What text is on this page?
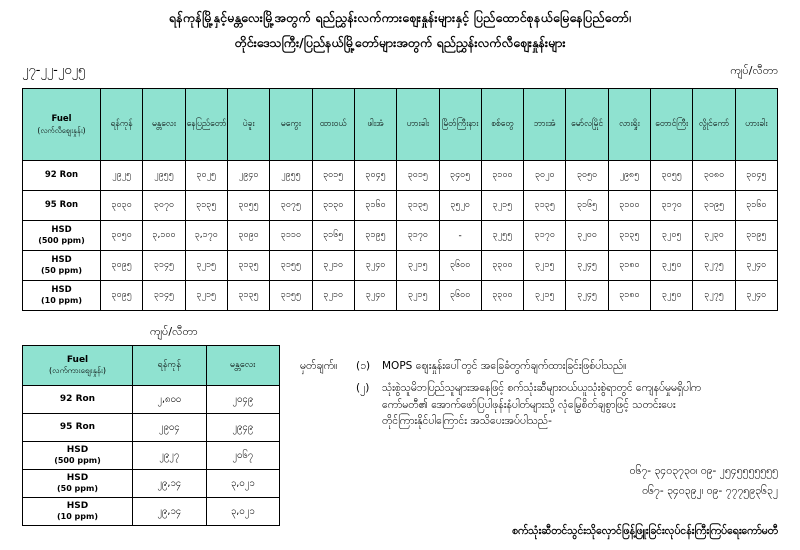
ရန်ကုန်မြို့နှင့်မန္တလေးမြို့အတွက် ရည်ညွှန်းလက်ကားဈေးနှုန်းများနှင့် ပြည်ထောင်စုနယ်မြေနေပြည်တော်၊
တိုင်းဒေသကြီး/ပြည်နယ်မြို့တော်များအတွက် ရည်ညွှန်းလက်လီဈေးနှုန်းများ
၂၇-၂၂-၂၀၂၅	ကျပ်/လီတာ
Fuel
(လက်လီဈေးနှုန်း)	ရန်ကုန်	မန္တလေး	နေပြည်တော်	ပဲခူး	မကွေး	ထားဝယ်	ဖါးအံ	ဟားခါး	မြိတ်ကြီးနား	စစ်တွေ	ဘားအံ	မော်လမြိုင်	လားရှိုး	တောင်ကြီး	လွိုင်ကော်	ဟားခါး
92 Ron	၂၉၂၅	၂၉၅၅	၃၀၂၅	၂၉၄၀	၂၉၅၅	၃၀၁၅	၃၀၄၅	၃၀၁၅	၃၄၀၅	၃၁၀၀	၃၀၂၀	၃၀၅၀	၂၉၈၅	၃၀၅၅	၃၀၈၀	၃၀၄၅
95 Ron	၃၀၃၀	၃၀၇၀	၃၁၃၅	၃၀၅၅	၃၀၇၅	၃၁၃၀	၃၁၆၀	၃၁၃၅	၃၅၂၀	၃၂၁၅	၃၁၃၅	၃၁၆၅	၃၁၀၀	၃၁၇၀	၃၁၉၅	၃၁၆၀
HSD
(500 ppm)	၃၀၅၀	၃,၁၀၀	၃,၁၇၀	၃၀၉၀	၃၁၁၀	၃၁၆၅	၃၁၉၅	၃၁၇၀	-	၃၂၅၅	၃၁၇၀	၃၂၀၀	၃၁၃၅	၃၂၀၅	၃၂၃၀	၃၁၉၅
HSD
(50 ppm)	၃၀၉၅	၃၁၄၅	၃၂၁၅	၃၁၃၅	၃၁၅၅	၃၂၁၀	၃၂၄၀	၃၂၁၅	၃၆၀၀	၃၃၀၀	၃၂၁၅	၃၂၄၅	၃၁၈၀	၃၂၅၀	၃၂၇၅	၃၂၄၀
HSD
(10 ppm)	၃၀၉၅	၃၁၄၅	၃၂၁၅	၃၁၃၅	၃၁၅၅	၃၂၁၀	၃၂၄၀	၃၂၁၅	၃၆၀၀	၃၃၀၀	၃၂၁၅	၃၂၄၅	၃၁၈၀	၃၂၅၀	၃၂၇၅	၃၂၄၀
ကျပ်/လီတာ
Fuel
(လက်ကားဈေးနှုန်း)	ရန်ကုန်	မန္တလေး
92 Ron	၂,၈၀၀	၂၀၄၉
95 Ron	၂၉၀၄	၂၉၄၉
HSD
(500 ppm)	၂၉၂၇	၂၀၆၇
HSD
(50 ppm)	၂၉,၁၄	၃,၀၂၁
HSD
(10 ppm)	၂၉,၁၄	၃,၀၂၁
မှတ်ချက်။	(၁)	MOPS ဈေးနှုန်းပေါ်တွင် အခြေခံတွက်ချက်ထားခြင်းဖြစ်ပါသည်။
(၂)	သုံးစွဲသူမိဘပြည်သူများအနေဖြင့် စက်သုံးဆီများဝယ်ယူသုံးစွဲရာတွင် ကျေနပ်မှုမရှိပါက
ကော်မတီ၏ အောက်ဖော်ပြပါဖုန်းနံပါတ်များသို့ လုံမြွေစိတ်ချစွာဖြင့် သတင်းပေး
တိုင်ကြားနိုင်ပါကြောင်း အသိပေးအပ်ပါသည်-
၀၆၇- ၃၄၀၃၇၃၀၊ ၀၉- ၂၅၄၅၅၅၅၅၅၅
၀၆၇- ၃၄၀၃၉၂၊ ၀၉- ၇၇၇၅၉၃၆၃၂
စက်သုံးဆီတင်သွင်းသိုလှောင်ဖြန့်ဖြူးခြင်းလုပ်ငန်းကြီးကြပ်ရေးကော်မတီ
